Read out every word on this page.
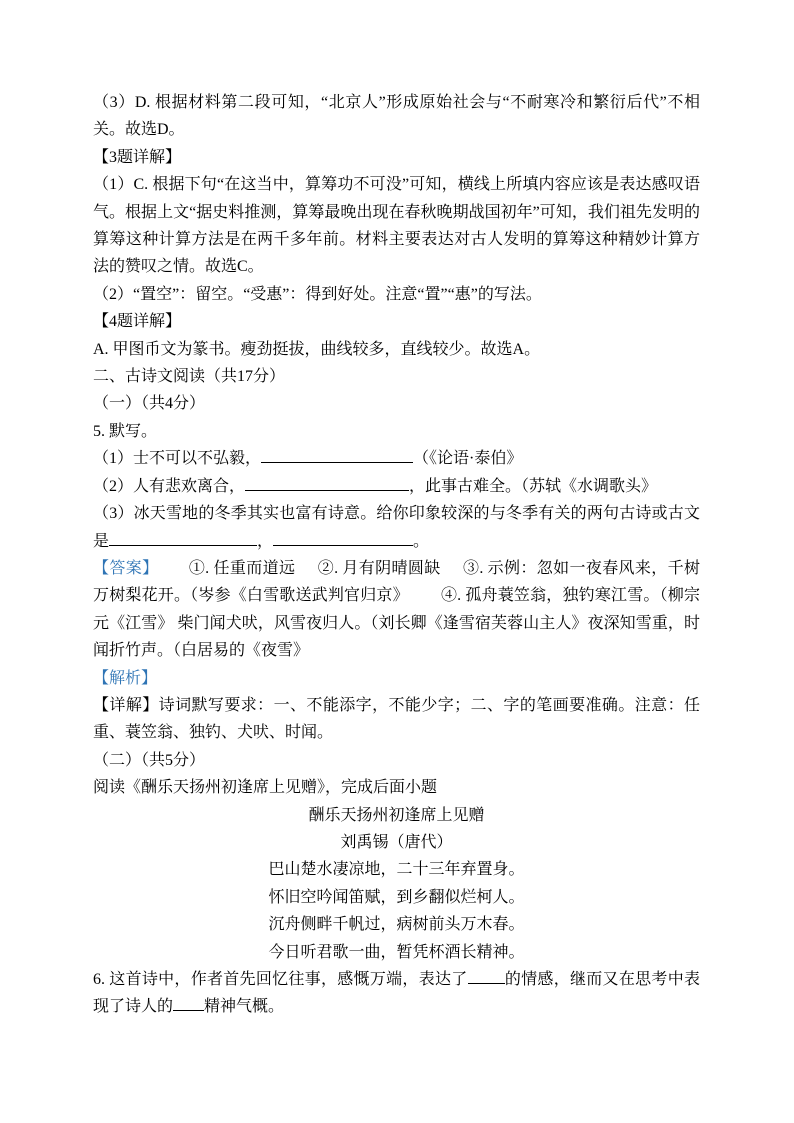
（3）D. 根据材料第二段可知，“北京人”形成原始社会与“不耐寒冷和繁衍后代”不相关。故选D。

【3题详解】

（1）C. 根据下句“在这当中，算筹功不可没”可知，横线上所填内容应该是表达感叹语气。根据上文“据史料推测，算筹最晚出现在春秋晚期战国初年”可知，我们祖先发明的算筹这种计算方法是在两千多年前。材料主要表达对古人发明的算筹这种精妙计算方法的赞叹之情。故选C。

（2）“置空”：留空。“受惠”：得到好处。注意“置”“惠”的写法。

【4题详解】

A. 甲图币文为篆书。瘦劲挺拔，曲线较多，直线较少。故选A。

二、古诗文阅读（共17分）

（一）（共4分）

5. 默写。

（1）士不可以不弘毅，	（《论语·泰伯》

（2）人有悲欢离合，	，此事古难全。（苏轼《水调歌头》

（3）冰天雪地的冬季其实也富有诗意。给你印象较深的与冬季有关的两句古诗或古文是	，	。

【答案】 ①. 任重而道远 ②. 月有阴晴圆缺 ③. 示例：忽如一夜春风来，千树万树梨花开。（岑参《白雪歌送武判官归京》 ④. 孤舟蓑笠翁，独钓寒江雪。（柳宗元《江雪》 柴门闻犬吠，风雪夜归人。（刘长卿《逢雪宿芙蓉山主人》夜深知雪重，时闻折竹声。（白居易的《夜雪》

【解析】

【详解】诗词默写要求：一、不能添字，不能少字；二、字的笔画要准确。注意：任重、蓑笠翁、独钓、犬吠、时闻。

（二）（共5分）

阅读《酬乐天扬州初逢席上见赠》，完成后面小题

酬乐天扬州初逢席上见赠

刘禹锡（唐代）

巴山楚水凄凉地，二十三年弃置身。

怀旧空吟闻笛赋，到乡翻似烂柯人。

沉舟侧畔千帆过，病树前头万木春。

今日听君歌一曲，暂凭杯酒长精神。

6. 这首诗中，作者首先回忆往事，感慨万端，表达了 的情感，继而又在思考中表现了诗人的 精神气概。
